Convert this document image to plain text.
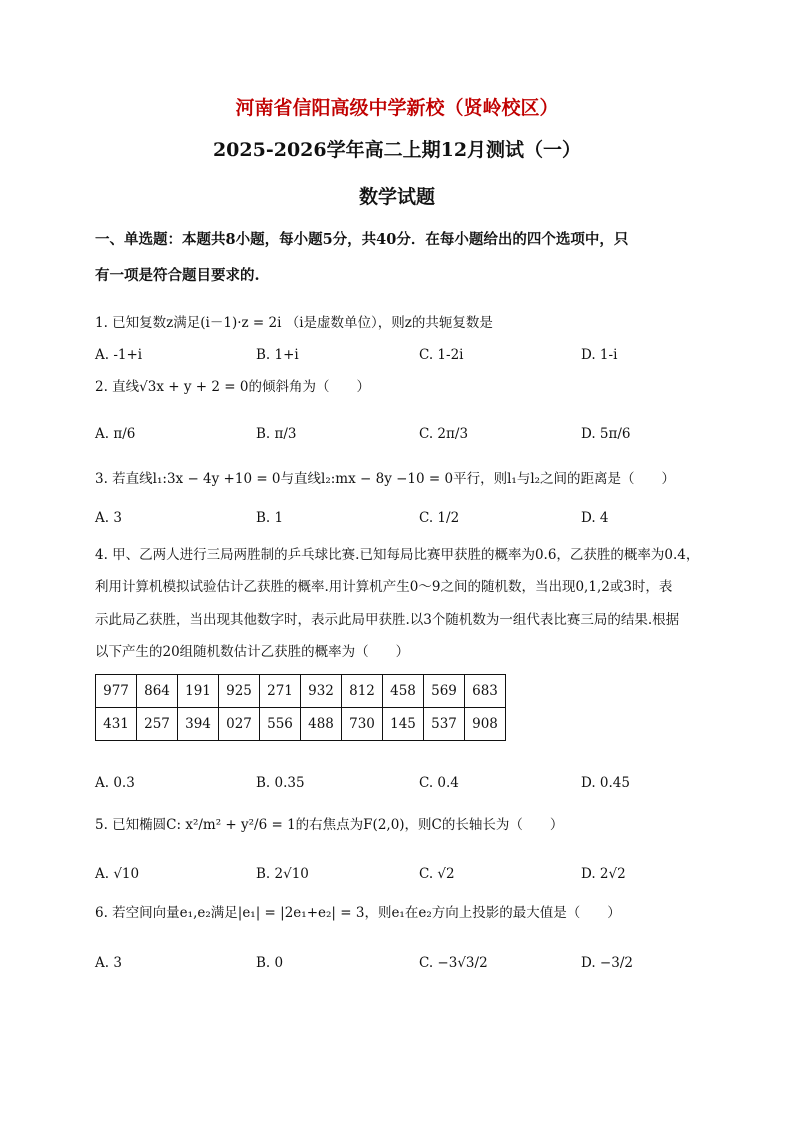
河南省信阳高级中学新校（贤岭校区）
2025-2026学年高二上期12月测试（一）
数学试题
一、单选题：本题共8小题，每小题5分，共40分．在每小题给出的四个选项中，只
有一项是符合题目要求的.
1. 已知复数z满足(i－1)·z = 2i （i是虚数单位），则z的共轭复数是
A. -1+i	B. 1+i	C. 1-2i	D. 1-i
2. 直线√3x + y + 2 = 0的倾斜角为（　　）
A. π/6	B. π/3	C. 2π/3	D. 5π/6
3. 若直线l₁:3x − 4y +10 = 0与直线l₂:mx − 8y −10 = 0平行，则l₁与l₂之间的距离是（　　）
A. 3	B. 1	C. 1/2	D. 4
4. 甲、乙两人进行三局两胜制的乒乓球比赛.已知每局比赛甲获胜的概率为0.6，乙获胜的概率为0.4，
利用计算机模拟试验估计乙获胜的概率.用计算机产生0～9之间的随机数，当出现0,1,2或3时，表
示此局乙获胜，当出现其他数字时，表示此局甲获胜.以3个随机数为一组代表比赛三局的结果.根据
以下产生的20组随机数估计乙获胜的概率为（　　）
977	864	191	925	271	932	812	458	569	683
431	257	394	027	556	488	730	145	537	908
A. 0.3	B. 0.35	C. 0.4	D. 0.45
5. 已知椭圆C: x²/m² + y²/6 = 1的右焦点为F(2,0)，则C的长轴长为（　　）
A. √10	B. 2√10	C. √2	D. 2√2
6. 若空间向量e₁,e₂满足|e₁| = |2e₁+e₂| = 3，则e₁在e₂方向上投影的最大值是（　　）
A. 3	B. 0	C. −3√3/2	D. −3/2
